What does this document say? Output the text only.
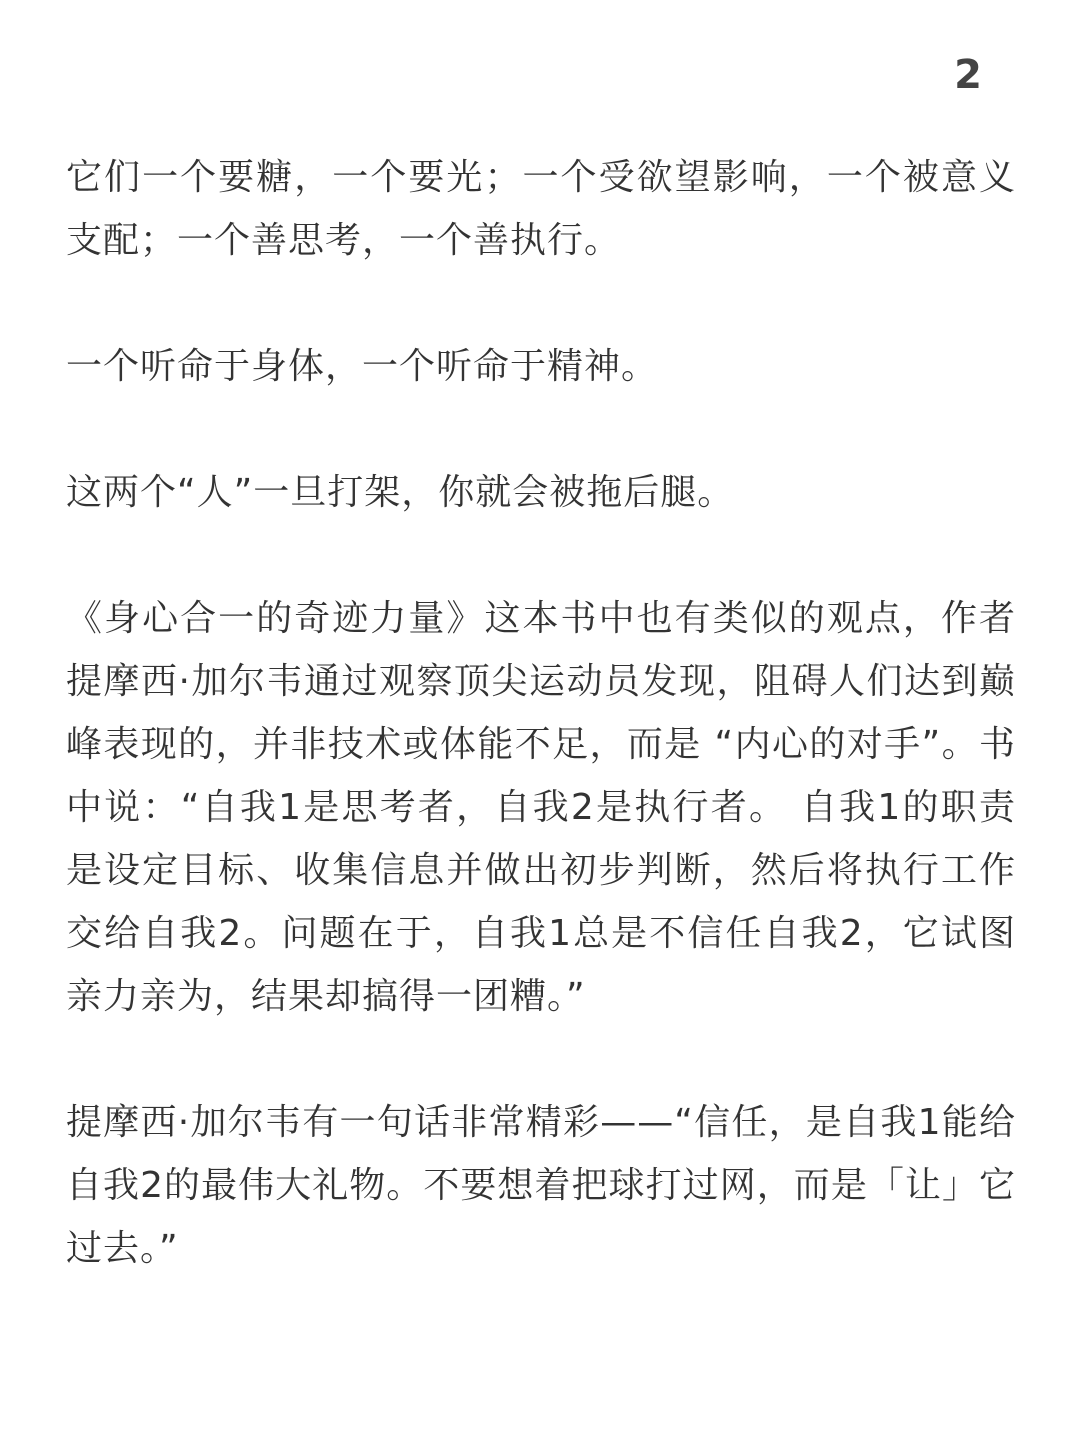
2

它们一个要糖，一个要光；一个受欲望影响，一个被意义支配；一个善思考，一个善执行。

一个听命于身体，一个听命于精神。

这两个“人”一旦打架，你就会被拖后腿。

《身心合一的奇迹力量》这本书中也有类似的观点，作者提摩西·加尔韦通过观察顶尖运动员发现，阻碍人们达到巅峰表现的，并非技术或体能不足，而是 “内心的对手”。书中说：“自我1是思考者，自我2是执行者。 自我1的职责是设定目标、收集信息并做出初步判断，然后将执行工作交给自我2。问题在于，自我1总是不信任自我2，它试图亲力亲为，结果却搞得一团糟。”

提摩西·加尔韦有一句话非常精彩——“信任，是自我1能给自我2的最伟大礼物。不要想着把球打过网，而是「让」它过去。”
